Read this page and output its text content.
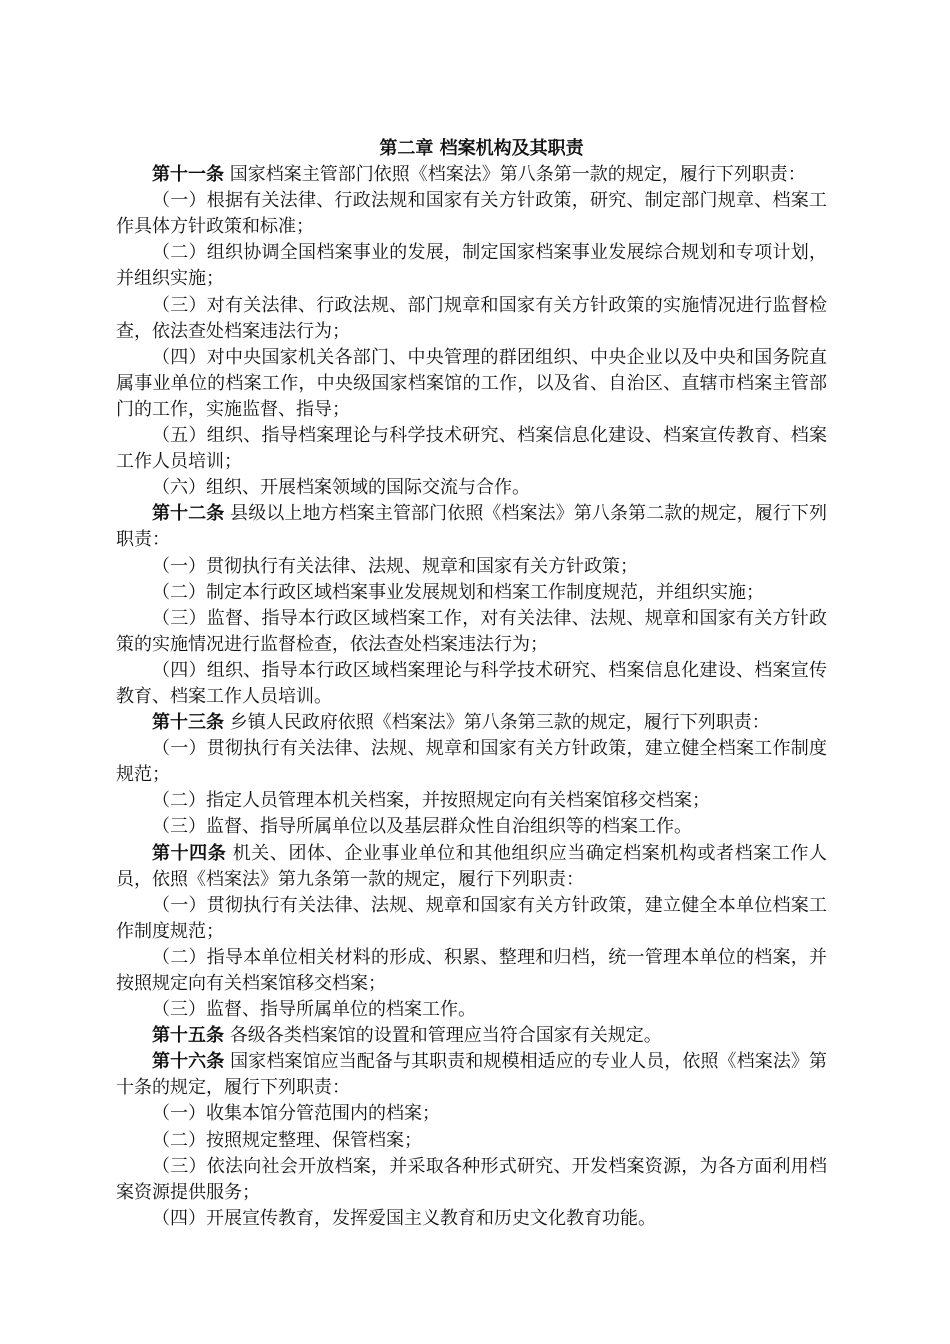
第二章 档案机构及其职责

第十一条 国家档案主管部门依照《档案法》第八条第一款的规定，履行下列职责：

（一）根据有关法律、行政法规和国家有关方针政策，研究、制定部门规章、档案工作具体方针政策和标准；

（二）组织协调全国档案事业的发展，制定国家档案事业发展综合规划和专项计划，并组织实施；

（三）对有关法律、行政法规、部门规章和国家有关方针政策的实施情况进行监督检查，依法查处档案违法行为；

（四）对中央国家机关各部门、中央管理的群团组织、中央企业以及中央和国务院直属事业单位的档案工作，中央级国家档案馆的工作，以及省、自治区、直辖市档案主管部门的工作，实施监督、指导；

（五）组织、指导档案理论与科学技术研究、档案信息化建设、档案宣传教育、档案工作人员培训；

（六）组织、开展档案领域的国际交流与合作。

第十二条 县级以上地方档案主管部门依照《档案法》第八条第二款的规定，履行下列职责：

（一）贯彻执行有关法律、法规、规章和国家有关方针政策；

（二）制定本行政区域档案事业发展规划和档案工作制度规范，并组织实施；

（三）监督、指导本行政区域档案工作，对有关法律、法规、规章和国家有关方针政策的实施情况进行监督检查，依法查处档案违法行为；

（四）组织、指导本行政区域档案理论与科学技术研究、档案信息化建设、档案宣传教育、档案工作人员培训。

第十三条 乡镇人民政府依照《档案法》第八条第三款的规定，履行下列职责：

（一）贯彻执行有关法律、法规、规章和国家有关方针政策，建立健全档案工作制度规范；

（二）指定人员管理本机关档案，并按照规定向有关档案馆移交档案；

（三）监督、指导所属单位以及基层群众性自治组织等的档案工作。

第十四条 机关、团体、企业事业单位和其他组织应当确定档案机构或者档案工作人员，依照《档案法》第九条第一款的规定，履行下列职责：

（一）贯彻执行有关法律、法规、规章和国家有关方针政策，建立健全本单位档案工作制度规范；

（二）指导本单位相关材料的形成、积累、整理和归档，统一管理本单位的档案，并按照规定向有关档案馆移交档案；

（三）监督、指导所属单位的档案工作。

第十五条 各级各类档案馆的设置和管理应当符合国家有关规定。

第十六条 国家档案馆应当配备与其职责和规模相适应的专业人员，依照《档案法》第十条的规定，履行下列职责：

（一）收集本馆分管范围内的档案；

（二）按照规定整理、保管档案；

（三）依法向社会开放档案，并采取各种形式研究、开发档案资源，为各方面利用档案资源提供服务；

（四）开展宣传教育，发挥爱国主义教育和历史文化教育功能。
